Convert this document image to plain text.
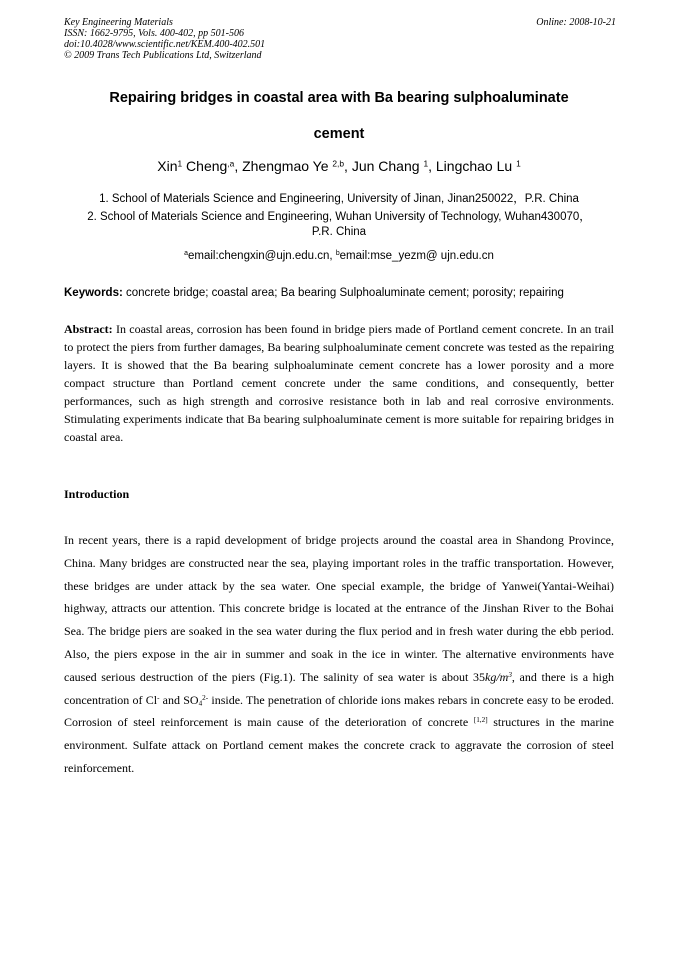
Key Engineering Materials
ISSN: 1662-9795, Vols. 400-402, pp 501-506
doi:10.4028/www.scientific.net/KEM.400-402.501
© 2009 Trans Tech Publications Ltd, Switzerland
Online: 2008-10-21
Repairing bridges in coastal area with Ba bearing sulphoaluminate
cement
Xin$^1$ Cheng$^{,a}$, Zhengmao Ye $^{2,b}$, Jun Chang $^1$, Lingchao Lu $^1$
1. School of Materials Science and Engineering, University of Jinan, Jinan250022，P.R. China
2. School of Materials Science and Engineering, Wuhan University of Technology, Wuhan430070，
P.R. China
$^a$email:chengxin@ujn.edu.cn, $^b$email:mse_yezm@ ujn.edu.cn
Keywords: concrete bridge; coastal area; Ba bearing Sulphoaluminate cement; porosity; repairing

Abstract: In coastal areas, corrosion has been found in bridge piers made of Portland cement concrete. In an trail to protect the piers from further damages, Ba bearing sulphoaluminate cement concrete was tested as the repairing layers. It is showed that the Ba bearing sulphoaluminate cement concrete has a lower porosity and a more compact structure than Portland cement concrete under the same conditions, and consequently, better performances, such as high strength and corrosive resistance both in lab and real corrosive environments. Stimulating experiments indicate that Ba bearing sulphoaluminate cement is more suitable for repairing bridges in coastal area.

Introduction

In recent years, there is a rapid development of bridge projects around the coastal area in Shandong Province, China. Many bridges are constructed near the sea, playing important roles in the traffic transportation. However, these bridges are under attack by the sea water. One special example, the bridge of Yanwei(Yantai-Weihai) highway, attracts our attention. This concrete bridge is located at the entrance of the Jinshan River to the Bohai Sea. The bridge piers are soaked in the sea water during the flux period and in fresh water during the ebb period. Also, the piers expose in the air in summer and soak in the ice in winter. The alternative environments have caused serious destruction of the piers (Fig.1). The salinity of sea water is about $35kg/m^3$, and there is a high concentration of Cl- and $SO_4^{2-}$ inside. The penetration of chloride ions makes rebars in concrete easy to be eroded. Corrosion of steel reinforcement is main cause of the deterioration of concrete [1,2] structures in the marine environment. Sulfate attack on Portland cement makes the concrete crack to aggravate the corrosion of steel reinforcement.
